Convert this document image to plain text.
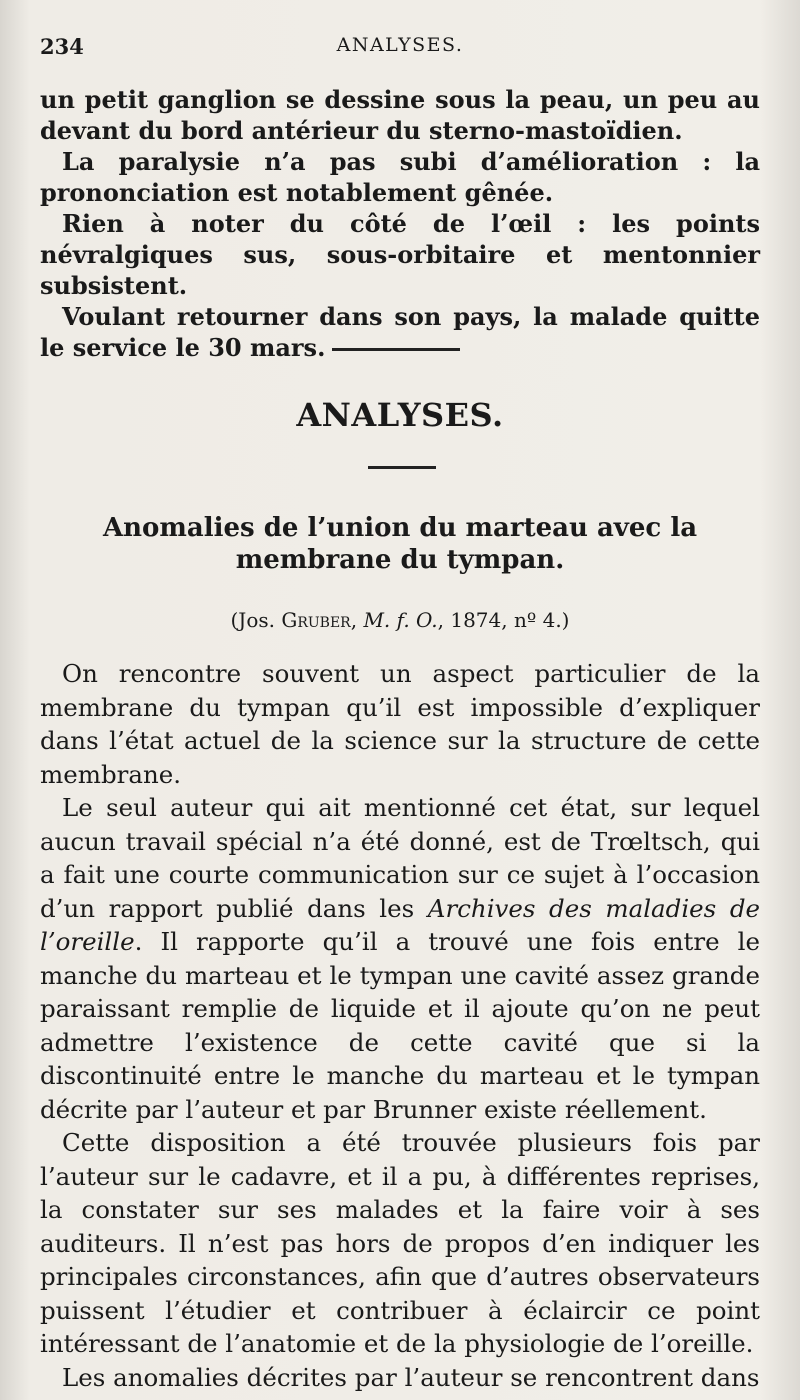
234	ANALYSES.

un petit ganglion se dessine sous la peau, un peu au devant du bord antérieur du sterno-mastoïdien.

La paralysie n’a pas subi d’amélioration : la prononciation est notablement gênée.

Rien à noter du côté de l’œil : les points névralgiques sus, sous-orbitaire et mentonnier subsistent.

Voulant retourner dans son pays, la malade quitte le service le 30 mars.

ANALYSES.
Anomalies de l’union du marteau avec la membrane du tympan.
(Jos. Gruber, M. f. O., 1874, nº 4.)

On rencontre souvent un aspect particulier de la membrane du tympan qu’il est impossible d’expliquer dans l’état actuel de la science sur la structure de cette membrane.

Le seul auteur qui ait mentionné cet état, sur lequel aucun travail spécial n’a été donné, est de Trœltsch, qui a fait une courte communication sur ce sujet à l’occasion d’un rapport publié dans les Archives des maladies de l’oreille. Il rapporte qu’il a trouvé une fois entre le manche du marteau et le tympan une cavité assez grande paraissant remplie de liquide et il ajoute qu’on ne peut admettre l’existence de cette cavité que si la discontinuité entre le manche du marteau et le tympan décrite par l’auteur et par Brunner existe réellement.

Cette disposition a été trouvée plusieurs fois par l’auteur sur le cadavre, et il a pu, à différentes reprises, la constater sur ses malades et la faire voir à ses auditeurs. Il n’est pas hors de propos d’en indiquer les principales circonstances, afin que d’autres observateurs puissent l’étudier et contribuer à éclaircir ce point intéressant de l’anatomie et de la physiologie de l’oreille.

Les anomalies décrites par l’auteur se rencontrent dans
